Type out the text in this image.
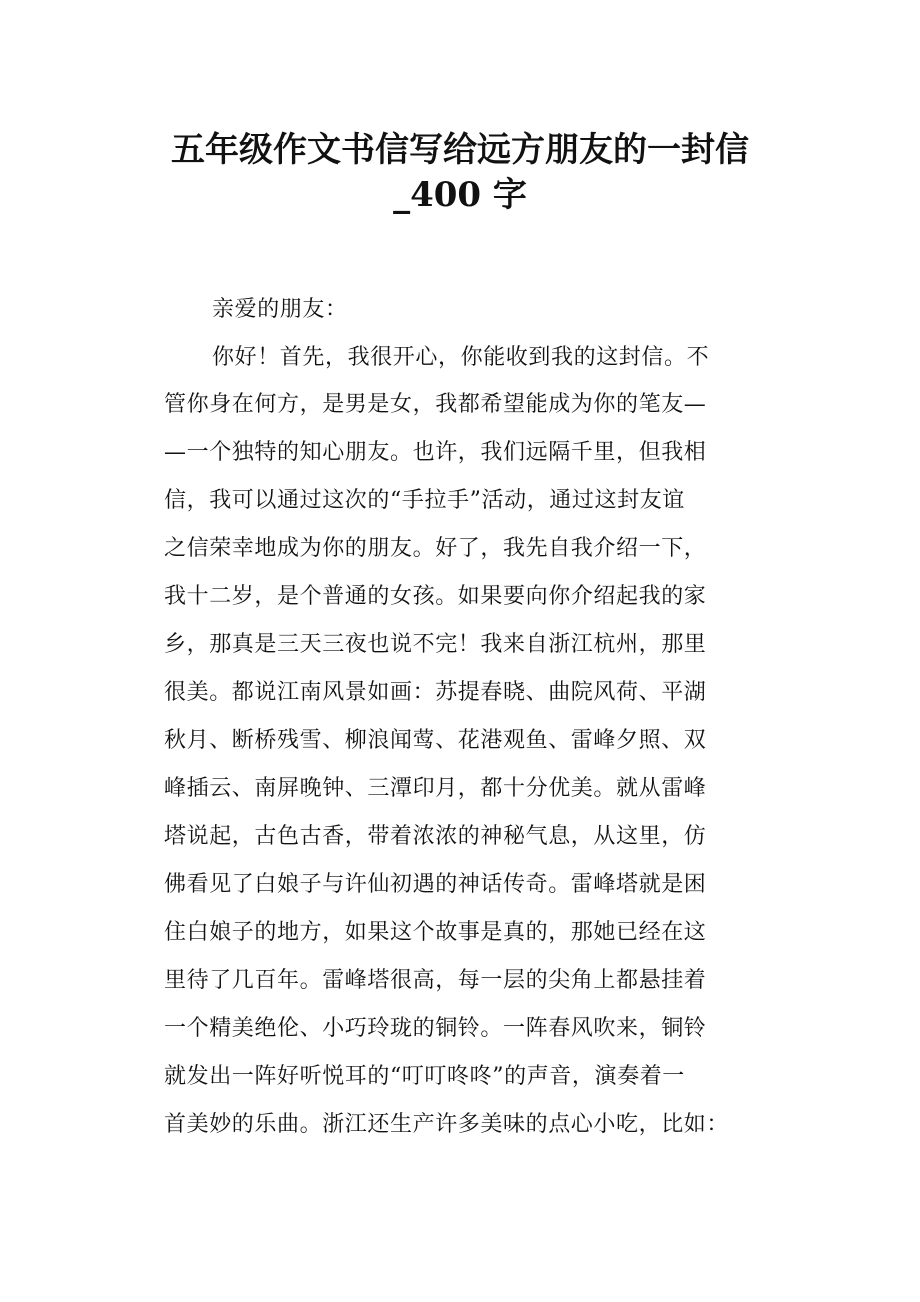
五年级作文书信写给远方朋友的一封信
_400 字
亲爱的朋友：
你好！首先，我很开心，你能收到我的这封信。不
管你身在何方，是男是女，我都希望能成为你的笔友—
—一个独特的知心朋友。也许，我们远隔千里，但我相
信，我可以通过这次的“手拉手”活动，通过这封友谊
之信荣幸地成为你的朋友。好了，我先自我介绍一下，
我十二岁，是个普通的女孩。如果要向你介绍起我的家
乡，那真是三天三夜也说不完！我来自浙江杭州，那里
很美。都说江南风景如画：苏提春晓、曲院风荷、平湖
秋月、断桥残雪、柳浪闻莺、花港观鱼、雷峰夕照、双
峰插云、南屏晚钟、三潭印月，都十分优美。就从雷峰
塔说起，古色古香，带着浓浓的神秘气息，从这里，仿
佛看见了白娘子与许仙初遇的神话传奇。雷峰塔就是困
住白娘子的地方，如果这个故事是真的，那她已经在这
里待了几百年。雷峰塔很高，每一层的尖角上都悬挂着
一个精美绝伦、小巧玲珑的铜铃。一阵春风吹来，铜铃
就发出一阵好听悦耳的“叮叮咚咚”的声音，演奏着一
首美妙的乐曲。浙江还生产许多美味的点心小吃，比如：
